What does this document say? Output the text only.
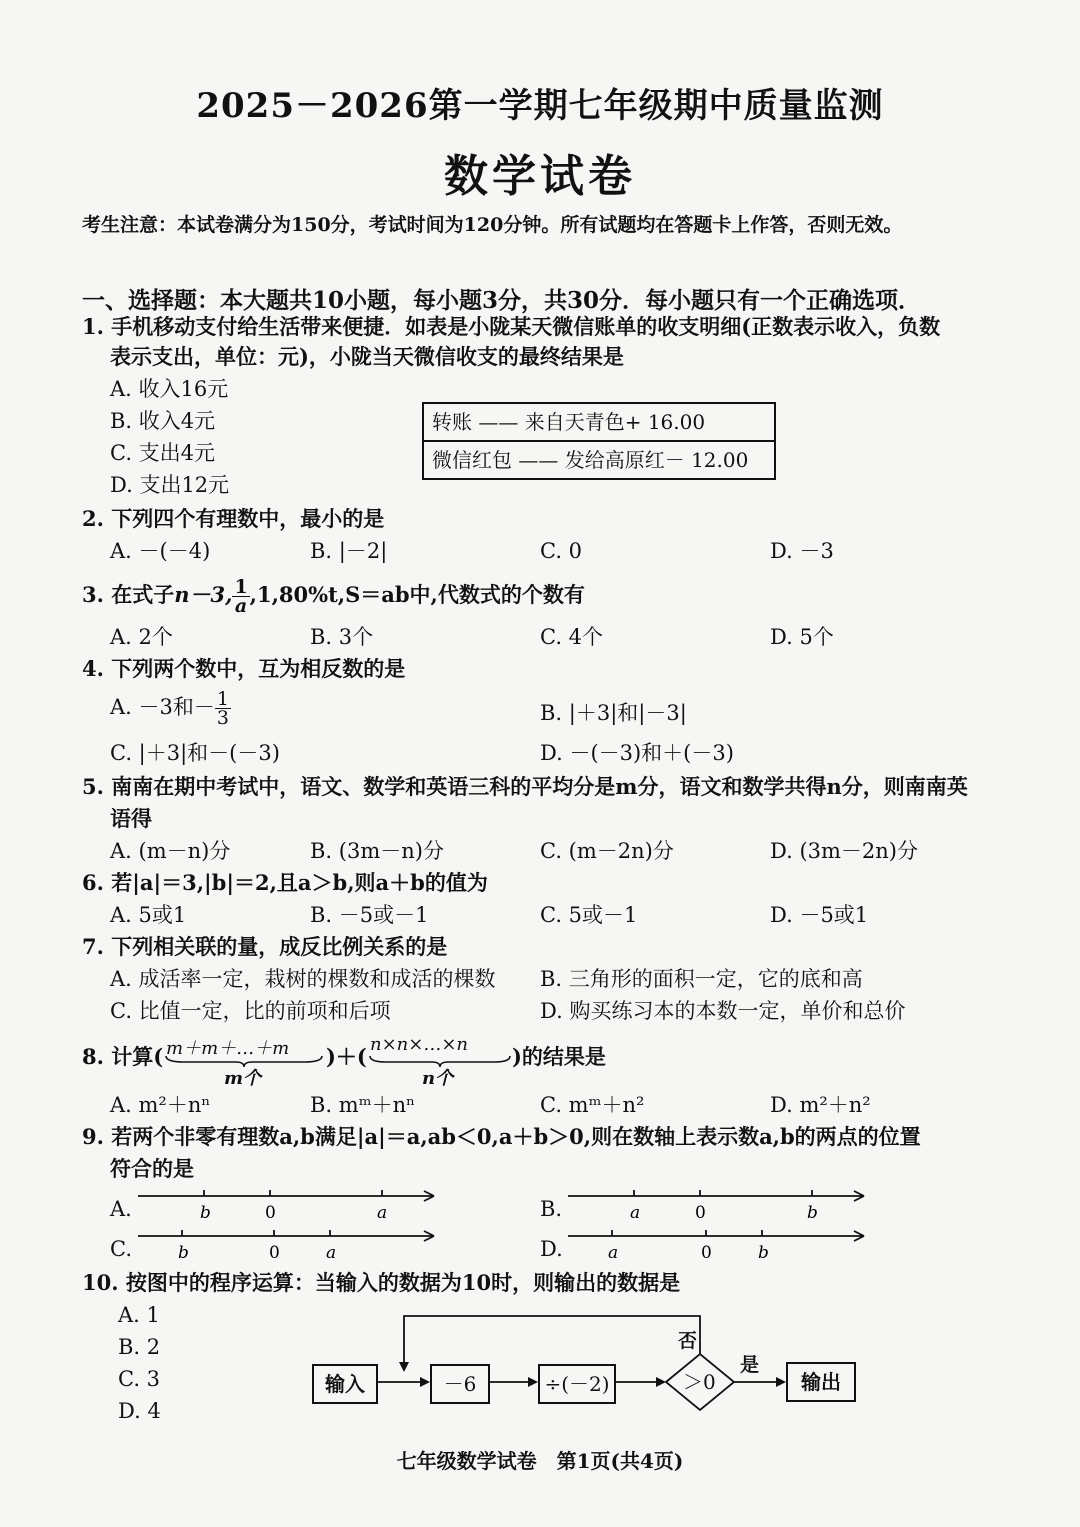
2025－2026第一学期七年级期中质量监测
数学试卷
考生注意：本试卷满分为150分，考试时间为120分钟。所有试题均在答题卡上作答，否则无效。
一、选择题：本大题共10小题，每小题3分，共30分．每小题只有一个正确选项．
1. 手机移动支付给生活带来便捷．如表是小陇某天微信账单的收支明细(正数表示收入，负数
表示支出，单位：元)，小陇当天微信收支的最终结果是
A. 收入16元
B. 收入4元
C. 支出4元
D. 支出12元
转账 —— 来自天青色+ 16.00
微信红包 —— 发给高原红－ 12.00
2. 下列四个有理数中，最小的是
A. －(－4)	B. |－2|	C. 0	D. －3
3. 在式子n－3, $\frac{1}{a} ,1,80\%t,S=ab$中,代数式的个数有
A. 2个	B. 3个	C. 4个	D. 5个
4. 下列两个数中，互为相反数的是
A. －3和－ $\frac{1}{3}$	B. |＋3|和|－3|
C. |＋3|和－(－3)	D. －(－3)和＋(－3)
5. 南南在期中考试中，语文、数学和英语三科的平均分是m分，语文和数学共得n分，则南南英
语得
A. (m－n)分	B. (3m－n)分	C. (m－2n)分	D. (3m－2n)分
6. 若|a|＝3,|b|＝2,且a＞b,则a＋b的值为
A. 5或1	B. －5或－1	C. 5或－1	D. －5或1
7. 下列相关联的量，成反比例关系的是
A. 成活率一定，栽树的棵数和成活的棵数 B. 三角形的面积一定，它的底和高
C. 比值一定，比的前项和后项	D. 购买练习本的本数一定，单价和总价
8. 计算( m＋m＋…＋m
m个
)＋( n×n×…×n
n个
)的结果是
A. m²＋nⁿ	B. mᵐ＋nⁿ	C. mᵐ＋n²	D. m²＋n²
9. 若两个非零有理数a,b满足|a|＝a,ab＜0,a＋b＞0,则在数轴上表示数a,b的两点的位置
符合的是
A.	b	0	a	B.	a	0	b
C.	b	0	a	D.	a	0	b
10. 按图中的程序运算：当输入的数据为10时，则输出的数据是
A. 1
B. 2
C. 3
D. 4
输入	－6	÷(－2)	＞0
否
是
输出
七年级数学试卷　第1页(共4页)
